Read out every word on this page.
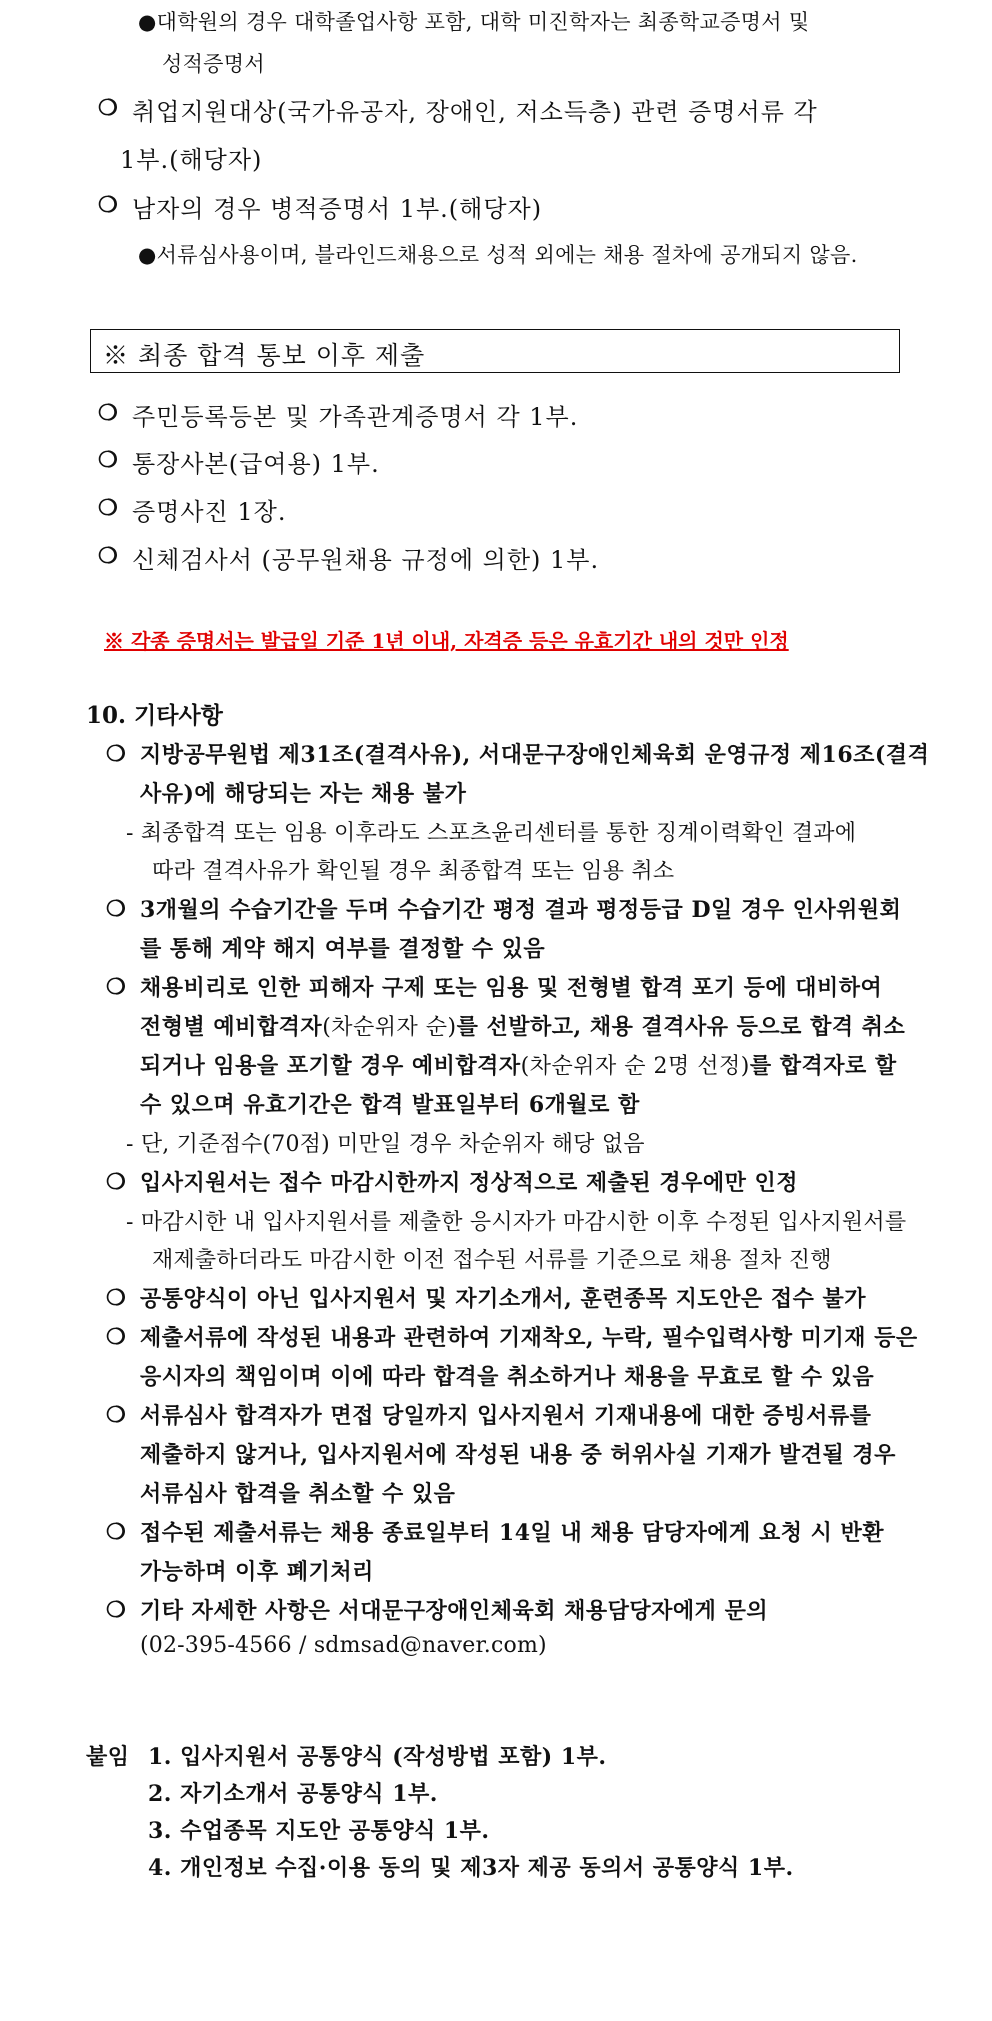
●대학원의 경우 대학졸업사항 포함, 대학 미진학자는 최종학교증명서 및
성적증명서
❍ 취업지원대상(국가유공자, 장애인, 저소득층) 관련 증명서류 각
1부.(해당자)
❍ 남자의 경우 병적증명서 1부.(해당자)
●서류심사용이며, 블라인드채용으로 성적 외에는 채용 절차에 공개되지 않음.
※ 최종 합격 통보 이후 제출
❍ 주민등록등본 및 가족관계증명서 각 1부.
❍ 통장사본(급여용) 1부.
❍ 증명사진 1장.
❍ 신체검사서 (공무원채용 규정에 의한) 1부.
※ 각종 증명서는 발급일 기준 1년 이내, 자격증 등은 유효기간 내의 것만 인정
10. 기타사항
❍ 지방공무원법 제31조(결격사유), 서대문구장애인체육회 운영규정 제16조(결격
사유)에 해당되는 자는 채용 불가
- 최종합격 또는 임용 이후라도 스포츠윤리센터를 통한 징계이력확인 결과에
따라 결격사유가 확인될 경우 최종합격 또는 임용 취소
❍ 3개월의 수습기간을 두며 수습기간 평정 결과 평정등급 D일 경우 인사위원회
를 통해 계약 해지 여부를 결정할 수 있음
❍ 채용비리로 인한 피해자 구제 또는 임용 및 전형별 합격 포기 등에 대비하여
전형별 예비합격자(차순위자 순)를 선발하고, 채용 결격사유 등으로 합격 취소
되거나 임용을 포기할 경우 예비합격자(차순위자 순 2명 선정)를 합격자로 할
수 있으며 유효기간은 합격 발표일부터 6개월로 함
- 단, 기준점수(70점) 미만일 경우 차순위자 해당 없음
❍ 입사지원서는 접수 마감시한까지 정상적으로 제출된 경우에만 인정
- 마감시한 내 입사지원서를 제출한 응시자가 마감시한 이후 수정된 입사지원서를
재제출하더라도 마감시한 이전 접수된 서류를 기준으로 채용 절차 진행
❍ 공통양식이 아닌 입사지원서 및 자기소개서, 훈련종목 지도안은 접수 불가
❍ 제출서류에 작성된 내용과 관련하여 기재착오, 누락, 필수입력사항 미기재 등은
응시자의 책임이며 이에 따라 합격을 취소하거나 채용을 무효로 할 수 있음
❍ 서류심사 합격자가 면접 당일까지 입사지원서 기재내용에 대한 증빙서류를
제출하지 않거나, 입사지원서에 작성된 내용 중 허위사실 기재가 발견될 경우
서류심사 합격을 취소할 수 있음
❍ 접수된 제출서류는 채용 종료일부터 14일 내 채용 담당자에게 요청 시 반환
가능하며 이후 폐기처리
❍ 기타 자세한 사항은 서대문구장애인체육회 채용담당자에게 문의
(02-395-4566 / sdmsad@naver.com)
붙임 1. 입사지원서 공통양식 (작성방법 포함) 1부.
2. 자기소개서 공통양식 1부.
3. 수업종목 지도안 공통양식 1부.
4. 개인정보 수집·이용 동의 및 제3자 제공 동의서 공통양식 1부.
